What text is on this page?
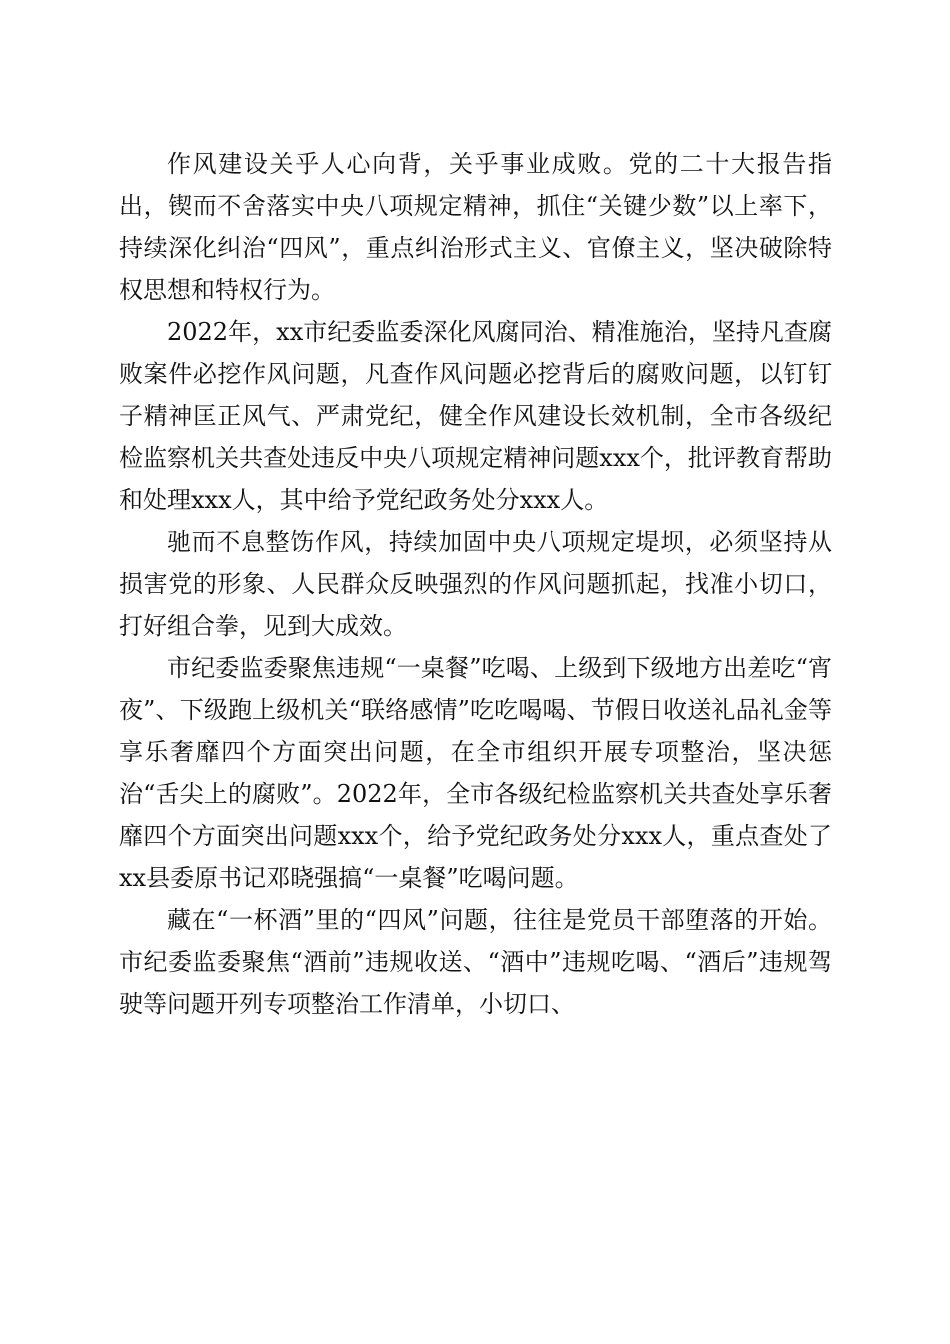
作风建设关乎人心向背，关乎事业成败。党的二十大报告指出，锲而不舍落实中央八项规定精神，抓住“关键少数”以上率下，持续深化纠治“四风”，重点纠治形式主义、官僚主义，坚决破除特权思想和特权行为。

2022年，xx市纪委监委深化风腐同治、精准施治，坚持凡查腐败案件必挖作风问题，凡查作风问题必挖背后的腐败问题，以钉钉子精神匡正风气、严肃党纪，健全作风建设长效机制，全市各级纪检监察机关共查处违反中央八项规定精神问题xxx个，批评教育帮助和处理xxx人，其中给予党纪政务处分xxx人。

驰而不息整饬作风，持续加固中央八项规定堤坝，必须坚持从损害党的形象、人民群众反映强烈的作风问题抓起，找准小切口，打好组合拳，见到大成效。

市纪委监委聚焦违规“一桌餐”吃喝、上级到下级地方出差吃“宵夜”、下级跑上级机关“联络感情”吃吃喝喝、节假日收送礼品礼金等享乐奢靡四个方面突出问题，在全市组织开展专项整治，坚决惩治“舌尖上的腐败”。2022年，全市各级纪检监察机关共查处享乐奢靡四个方面突出问题xxx个，给予党纪政务处分xxx人，重点查处了xx县委原书记邓晓强搞“一桌餐”吃喝问题。

藏在“一杯酒”里的“四风”问题，往往是党员干部堕落的开始。市纪委监委聚焦“酒前”违规收送、“酒中”违规吃喝、“酒后”违规驾驶等问题开列专项整治工作清单，小切口、
